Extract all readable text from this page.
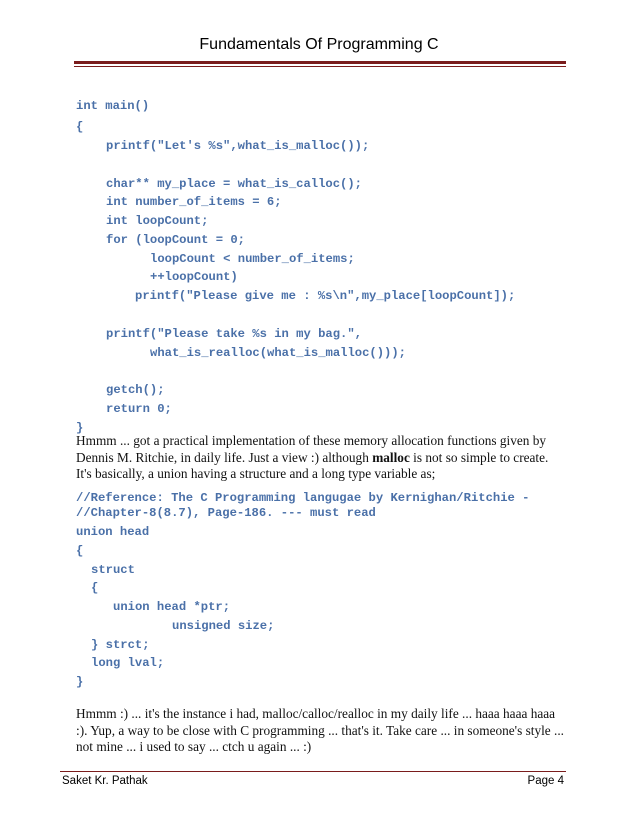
Fundamentals Of Programming C
int main()
{
printf("Let's %s",what_is_malloc());
char** my_place = what_is_calloc();
int number_of_items = 6;
int loopCount;
for (loopCount = 0;
loopCount < number_of_items;
++loopCount)
printf("Please give me : %s\n",my_place[loopCount]);
printf("Please take %s in my bag.",
what_is_realloc(what_is_malloc()));
getch();
return 0;
}

Hmmm ... got a practical implementation of these memory allocation functions given by Dennis M. Ritchie, in daily life. Just a view :) although malloc is not so simple to create. It's basically, a union having a structure and a long type variable as;

//Reference: The C Programming langugae by Kernighan/Ritchie -
//Chapter-8(8.7), Page-186. --- must read
union head
{
struct
{
union head *ptr;
unsigned size;
} strct;
long lval;
}

Hmmm :) ... it's the instance i had, malloc/calloc/realloc in my daily life ... haaa haaa haaa :). Yup, a way to be close with C programming ... that's it. Take care ... in someone's style ... not mine ... i used to say ... ctch u again ... :)

Saket Kr. Pathak	Page 4
